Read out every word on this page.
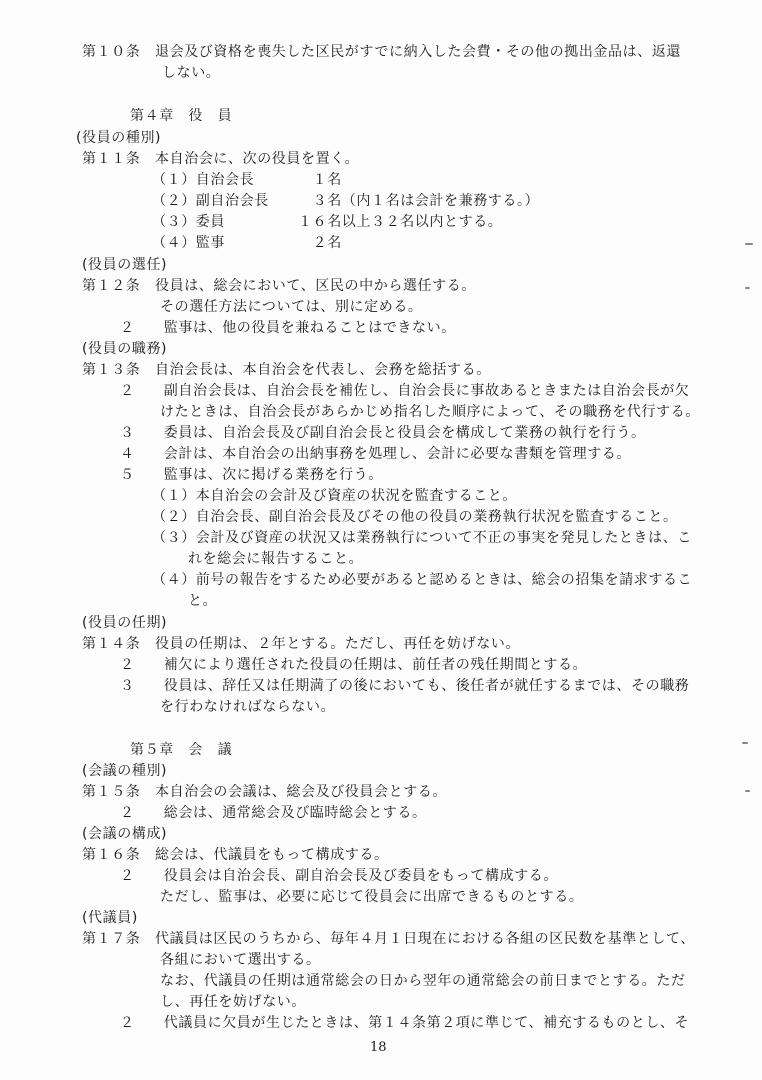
第１０条　退会及び資格を喪失した区民がすでに納入した会費・その他の拠出金品は、返還
しない。
第４章　役　員
(役員の種別)
第１１条　本自治会に、次の役員を置く。
（１）自治会長　　　　１名
（２）副自治会長　　　３名（内１名は会計を兼務する。）
（３）委員　　　　　１６名以上３２名以内とする。
（４）監事　　　　　　２名
(役員の選任)
第１２条　役員は、総会において、区民の中から選任する。
その選任方法については、別に定める。
２　　監事は、他の役員を兼ねることはできない。
(役員の職務)
第１３条　自治会長は、本自治会を代表し、会務を総括する。
２　　副自治会長は、自治会長を補佐し、自治会長に事故あるときまたは自治会長が欠
けたときは、自治会長があらかじめ指名した順序によって、その職務を代行する。
３　　委員は、自治会長及び副自治会長と役員会を構成して業務の執行を行う。
４　　会計は、本自治会の出納事務を処理し、会計に必要な書類を管理する。
５　　監事は、次に掲げる業務を行う。
（１）本自治会の会計及び資産の状況を監査すること。
（２）自治会長、副自治会長及びその他の役員の業務執行状況を監査すること。
（３）会計及び資産の状況又は業務執行について不正の事実を発見したときは、こ
れを総会に報告すること。
（４）前号の報告をするため必要があると認めるときは、総会の招集を請求するこ
と。
(役員の任期)
第１４条　役員の任期は、２年とする。ただし、再任を妨げない。
２　　補欠により選任された役員の任期は、前任者の残任期間とする。
３　　役員は、辞任又は任期満了の後においても、後任者が就任するまでは、その職務
を行わなければならない。
第５章　会　議
(会議の種別)
第１５条　本自治会の会議は、総会及び役員会とする。
２　　総会は、通常総会及び臨時総会とする。
(会議の構成)
第１６条　総会は、代議員をもって構成する。
２　　役員会は自治会長、副自治会長及び委員をもって構成する。
ただし、監事は、必要に応じて役員会に出席できるものとする。
(代議員)
第１７条　代議員は区民のうちから、毎年４月１日現在における各組の区民数を基準として、
各組において選出する。
なお、代議員の任期は通常総会の日から翌年の通常総会の前日までとする。ただ
し、再任を妨げない。
２　　代議員に欠員が生じたときは、第１４条第２項に準じて、補充するものとし、そ
18
